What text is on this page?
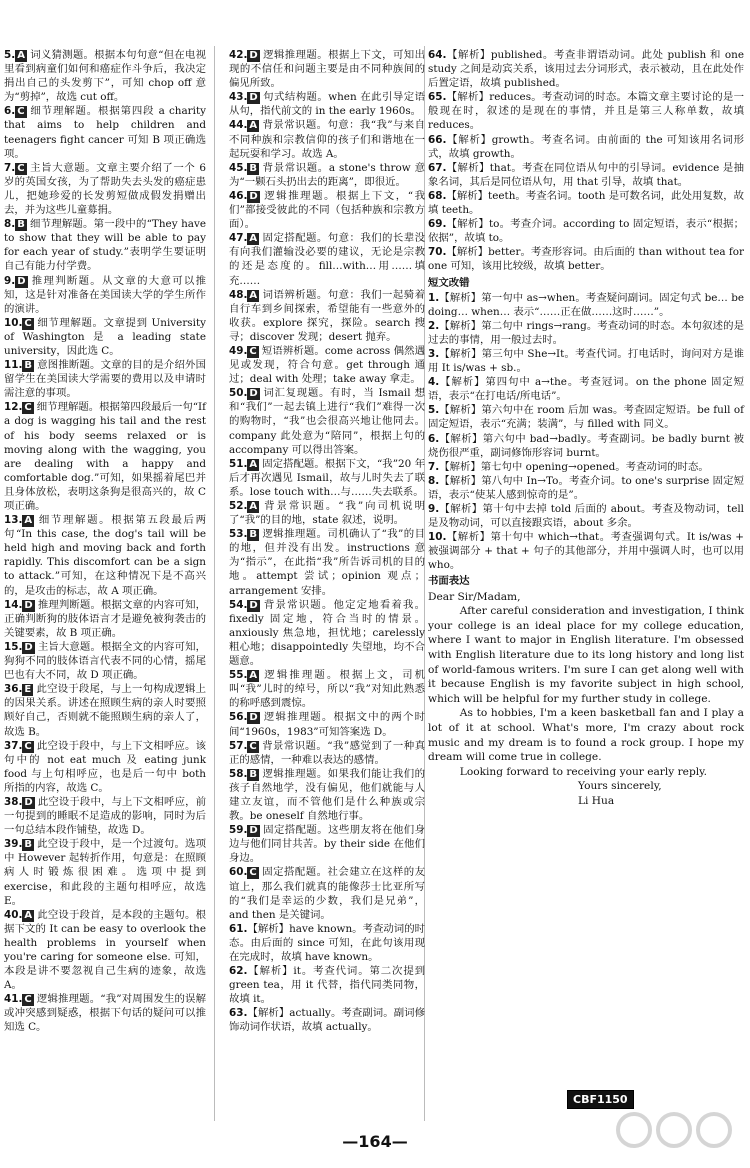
5. A 词义猜测题。根据本句句意“但在电视里看到病童们如何和癌症作斗争后，我决定捐出自己的头发剪下”，可知 chop off 意为“剪掉”，故选 cut off。

6. C 细节理解题。根据第四段 a charity that aims to help children and teenagers fight cancer 可知 B 项正确选项。

7. C 主旨大意题。文章主要介绍了一个 6 岁的英国女孩，为了帮助失去头发的癌症患儿，把她珍爱的长发剪短做成假发捐赠出去，并为这些儿童募捐。

8. B 细节理解题。第一段中的“They have to show that they will be able to pay for each year of study.”表明学生要证明自己有能力付学费。

9. D 推理判断题。从文章的大意可以推知，这是针对准备在美国读大学的学生所作的演讲。

10. C 细节理解题。文章提到 University of Washington 是 a leading state university，因此选 C。

11. B 意图推断题。文章的目的是介绍外国留学生在美国读大学需要的费用以及申请时需注意的事项。

12. C 细节理解题。根据第四段最后一句“If a dog is wagging his tail and the rest of his body seems relaxed or is moving along with the wagging, you are dealing with a happy and comfortable dog.”可知，如果摇着尾巴并且身体放松，表明这条狗是很高兴的，故 C 项正确。

13. A 细节理解题。根据第五段最后两句“In this case, the dog's tail will be held high and moving back and forth rapidly. This discomfort can be a sign to attack.”可知，在这种情况下是不高兴的，是攻击的标志，故 A 项正确。

14. D 推理判断题。根据文章的内容可知，正确判断狗的肢体语言才是避免被狗袭击的关键要素，故 B 项正确。

15. D 主旨大意题。根据全文的内容可知，狗狗不同的肢体语言代表不同的心情，摇尾巴也有大不同，故 D 项正确。

36. E 此空设于段尾，与上一句构成逻辑上的因果关系。讲述在照顾生病的亲人时要照顾好自己，否则就不能照顾生病的亲人了，故选 B。

37. C 此空设于段中，与上下文相呼应。该句中的 not eat much 及 eating junk food 与上句相呼应，也是后一句中 both 所指的内容，故选 C。

38. D 此空设于段中，与上下文相呼应，前一句提到的睡眠不足造成的影响，同时为后一句总结本段作铺垫，故选 D。

39. B 此空设于段中，是一个过渡句。选项中 However 起转折作用，句意是：在照顾病人时锻炼很困难。选项中提到 exercise，和此段的主题句相呼应，故选 E。

40. A 此空设于段首，是本段的主题句。根据下文的 It can be easy to overlook the health problems in yourself when you're caring for someone else. 可知，本段是讲不要忽视自己生病的迹象，故选 A。

41. C 逻辑推理题。“我”对周围发生的误解或冲突感到疑惑，根据下句话的疑问可以推知选 C。

42. D 逻辑推理题。根据上下文，可知出现的不信任和问题主要是由不同种族间的偏见所致。

43. D 句式结构题。when 在此引导定语从句，指代前文的 in the early 1960s。

44. A 背景常识题。句意：我“我”与来自不同种族和宗教信仰的孩子们和谐地在一起玩耍和学习。故选 A。

45. B 背景常识题。a stone's throw 意为“一颗石头扔出去的距离”，即很近。

46. D 逻辑推理题。根据上下文，“我们”都接受彼此的不同（包括种族和宗教方面）。

47. A 固定搭配题。句意：我们的长辈没有向我们灌输没必要的建议，无论是宗教的还是态度的。fill…with…用……填充……

48. A 词语辨析题。句意：我们一起骑着自行车到乡间探索，希望能有一些意外的收获。explore 探究，探险。search 搜寻；discover 发现；desert 抛弃。

49. C 短语辨析题。come across 偶然遇见或发现，符合句意。get through 通过；deal with 处理；take away 拿走。

50. D 词汇复现题。有时，当 Ismail 想和“我们”一起去镇上进行“我们”难得一次的购物时，“我”也会很高兴地让他同去。company 此处意为“陪同”，根据上句的 accompany 可以得出答案。

51. A 固定搭配题。根据下文，“我”20 年后才再次遇见 Ismail，故与儿时失去了联系。lose touch with…与……失去联系。

52. A 背景常识题。“我”向司机说明了“我”的目的地，state 叙述，说明。

53. B 逻辑推理题。司机确认了“我”的目的地，但并没有出发。instructions 意为“指示”，在此指“我”所告诉司机的目的地。attempt 尝试；opinion 观点；arrangement 安排。

54. D 背景常识题。他定定地看着我。fixedly 固定地，符合当时的情景。anxiously 焦急地，担忧地；carelessly 粗心地；disappointedly 失望地，均不合题意。

55. A 逻辑推理题。根据上文，司机叫“我”儿时的绰号，所以“我”对知此熟悉的称呼感到震惊。

56. D 逻辑推理题。根据文中的两个时间“1960s，1983”可知答案选 D。

57. C 背景常识题。“我”感觉到了一种真正的感情，一种难以表达的感情。

58. B 逻辑推理题。如果我们能让我们的孩子自然地学，没有偏见，他们就能与人建立友谊，而不管他们是什么种族或宗教。be oneself 自然地行事。

59. D 固定搭配题。这些朋友将在他们身边与他们同甘共苦。by their side 在他们身边。

60. C 固定搭配题。社会建立在这样的友谊上，那么我们就真的能像莎士比亚所写的“我们是幸运的少数，我们是兄弟”，and then 是关键词。

61.【解析】have known。考查动词的时态。由后面的 since 可知，在此句该用现在完成时，故填 have known。

62.【解析】it。考查代词。第二次提到 green tea，用 it 代替，指代同类同物，故填 it。

63.【解析】actually。考查副词。副词修饰动词作状语，故填 actually。

64.【解析】published。考查非谓语动词。此处 publish 和 one study 之间是动宾关系，该用过去分词形式，表示被动，且在此处作后置定语，故填 published。

65.【解析】reduces。考查动词的时态。本篇文章主要讨论的是一般现在时，叙述的是现在的事情，并且是第三人称单数，故填 reduces。

66.【解析】growth。考查名词。由前面的 the 可知该用名词形式，故填 growth。

67.【解析】that。考查在同位语从句中的引导词。evidence 是抽象名词，其后是同位语从句，用 that 引导，故填 that。

68.【解析】teeth。考查名词。tooth 是可数名词，此处用复数，故填 teeth。

69.【解析】to。考查介词。according to 固定短语，表示“根据；依据”，故填 to。

70.【解析】better。考查形容词。由后面的 than without tea for one 可知，该用比较级，故填 better。

短文改错

1.【解析】第一句中 as→when。考查疑问副词。固定句式 be… be doing… when… 表示“……正在做……这时……”。

2.【解析】第二句中 rings→rang。考查动词的时态。本句叙述的是过去的事情，用一般过去时。

3.【解析】第三句中 She→It。考查代词。打电话时，询问对方是谁用 It is/was + sb.。

4.【解析】第四句中 a→the。考查冠词。on the phone 固定短语，表示“在打电话/所电话”。

5.【解析】第六句中在 room 后加 was。考查固定短语。be full of 固定短语，表示“充满；装满”，与 filled with 同义。

6.【解析】第六句中 bad→badly。考查副词。be badly burnt 被烧伤很严重，副词修饰形容词 burnt。

7.【解析】第七句中 opening→opened。考查动词的时态。

8.【解析】第八句中 In→To。考查介词。to one's surprise 固定短语，表示“使某人感到惊奇的是”。

9.【解析】第十句中去掉 told 后面的 about。考查及物动词，tell 是及物动词，可以直接跟宾语，about 多余。

10.【解析】第十句中 which→that。考查强调句式。It is/was + 被强调部分 + that + 句子的其他部分，并用中强调人时，也可以用 who。

书面表达

Dear Sir/Madam,

After careful consideration and investigation, I think your college is an ideal place for my college education, where I want to major in English literature. I'm obsessed with English literature due to its long history and long list of world-famous writers. I'm sure I can get along well with it because English is my favorite subject in high school, which will be helpful for my further study in college.

As to hobbies, I'm a keen basketball fan and I play a lot of it at school. What's more, I'm crazy about rock music and my dream is to found a rock group. I hope my dream will come true in college.

Looking forward to receiving your early reply.

Yours sincerely,

Li Hua

CBF1150
—164—
